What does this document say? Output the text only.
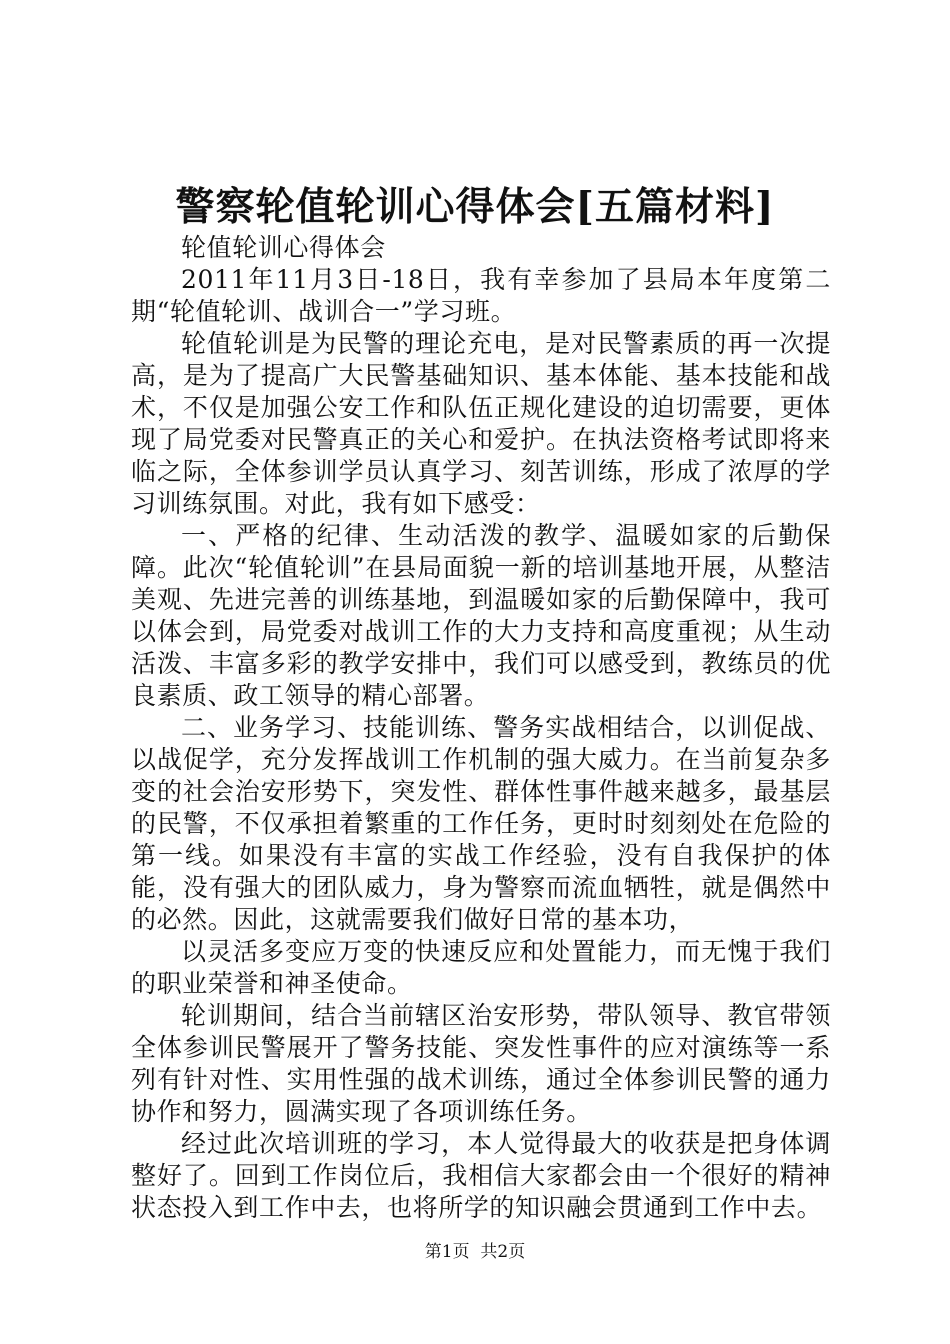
警察轮值轮训心得体会[五篇材料]

轮值轮训心得体会

2011年11月3日-18日，我有幸参加了县局本年度第二期“轮值轮训、战训合一”学习班。

轮值轮训是为民警的理论充电，是对民警素质的再一次提高，是为了提高广大民警基础知识、基本体能、基本技能和战术，不仅是加强公安工作和队伍正规化建设的迫切需要，更体现了局党委对民警真正的关心和爱护。在执法资格考试即将来临之际，全体参训学员认真学习、刻苦训练，形成了浓厚的学习训练氛围。对此，我有如下感受：

一、严格的纪律、生动活泼的教学、温暖如家的后勤保障。此次“轮值轮训”在县局面貌一新的培训基地开展，从整洁美观、先进完善的训练基地，到温暖如家的后勤保障中，我可以体会到，局党委对战训工作的大力支持和高度重视；从生动活泼、丰富多彩的教学安排中，我们可以感受到，教练员的优良素质、政工领导的精心部署。

二、业务学习、技能训练、警务实战相结合，以训促战、以战促学，充分发挥战训工作机制的强大威力。在当前复杂多变的社会治安形势下，突发性、群体性事件越来越多，最基层的民警，不仅承担着繁重的工作任务，更时时刻刻处在危险的第一线。如果没有丰富的实战工作经验，没有自我保护的体能，没有强大的团队威力，身为警察而流血牺牲，就是偶然中的必然。因此，这就需要我们做好日常的基本功，

以灵活多变应万变的快速反应和处置能力，而无愧于我们的职业荣誉和神圣使命。

轮训期间，结合当前辖区治安形势，带队领导、教官带领全体参训民警展开了警务技能、突发性事件的应对演练等一系列有针对性、实用性强的战术训练，通过全体参训民警的通力协作和努力，圆满实现了各项训练任务。

经过此次培训班的学习，本人觉得最大的收获是把身体调整好了。回到工作岗位后，我相信大家都会由一个很好的精神状态投入到工作中去，也将所学的知识融会贯通到工作中去。

第1页 共2页
